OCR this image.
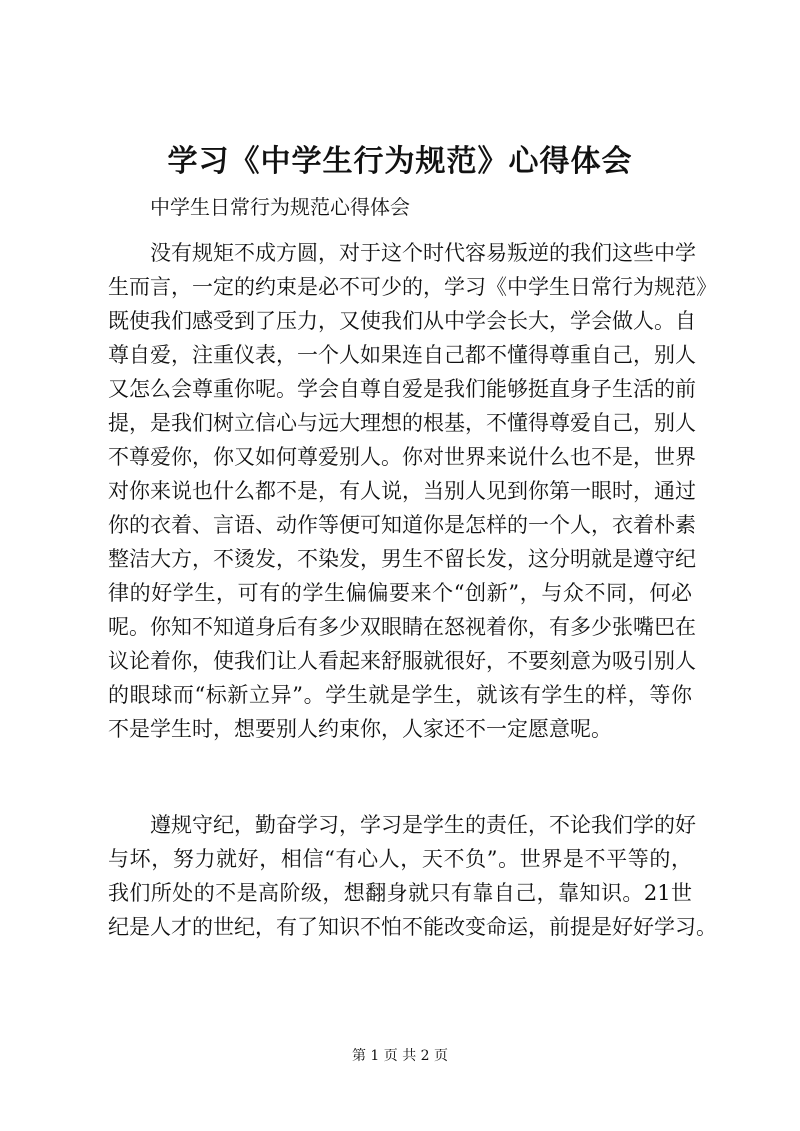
学习《中学生行为规范》心得体会
中学生日常行为规范心得体会
没有规矩不成方圆，对于这个时代容易叛逆的我们这些中学
生而言，一定的约束是必不可少的，学习《中学生日常行为规范》
既使我们感受到了压力，又使我们从中学会长大，学会做人。自
尊自爱，注重仪表，一个人如果连自己都不懂得尊重自己，别人
又怎么会尊重你呢。学会自尊自爱是我们能够挺直身子生活的前
提，是我们树立信心与远大理想的根基，不懂得尊爱自己，别人
不尊爱你，你又如何尊爱别人。你对世界来说什么也不是，世界
对你来说也什么都不是，有人说，当别人见到你第一眼时，通过
你的衣着、言语、动作等便可知道你是怎样的一个人，衣着朴素
整洁大方，不烫发，不染发，男生不留长发，这分明就是遵守纪
律的好学生，可有的学生偏偏要来个“创新”，与众不同，何必
呢。你知不知道身后有多少双眼睛在怒视着你，有多少张嘴巴在
议论着你，使我们让人看起来舒服就很好，不要刻意为吸引别人
的眼球而“标新立异”。学生就是学生，就该有学生的样，等你
不是学生时，想要别人约束你，人家还不一定愿意呢。
遵规守纪，勤奋学习，学习是学生的责任，不论我们学的好
与坏，努力就好，相信“有心人，天不负”。世界是不平等的，
我们所处的不是高阶级，想翻身就只有靠自己，靠知识。21世
纪是人才的世纪，有了知识不怕不能改变命运，前提是好好学习。
第 1 页 共 2 页
